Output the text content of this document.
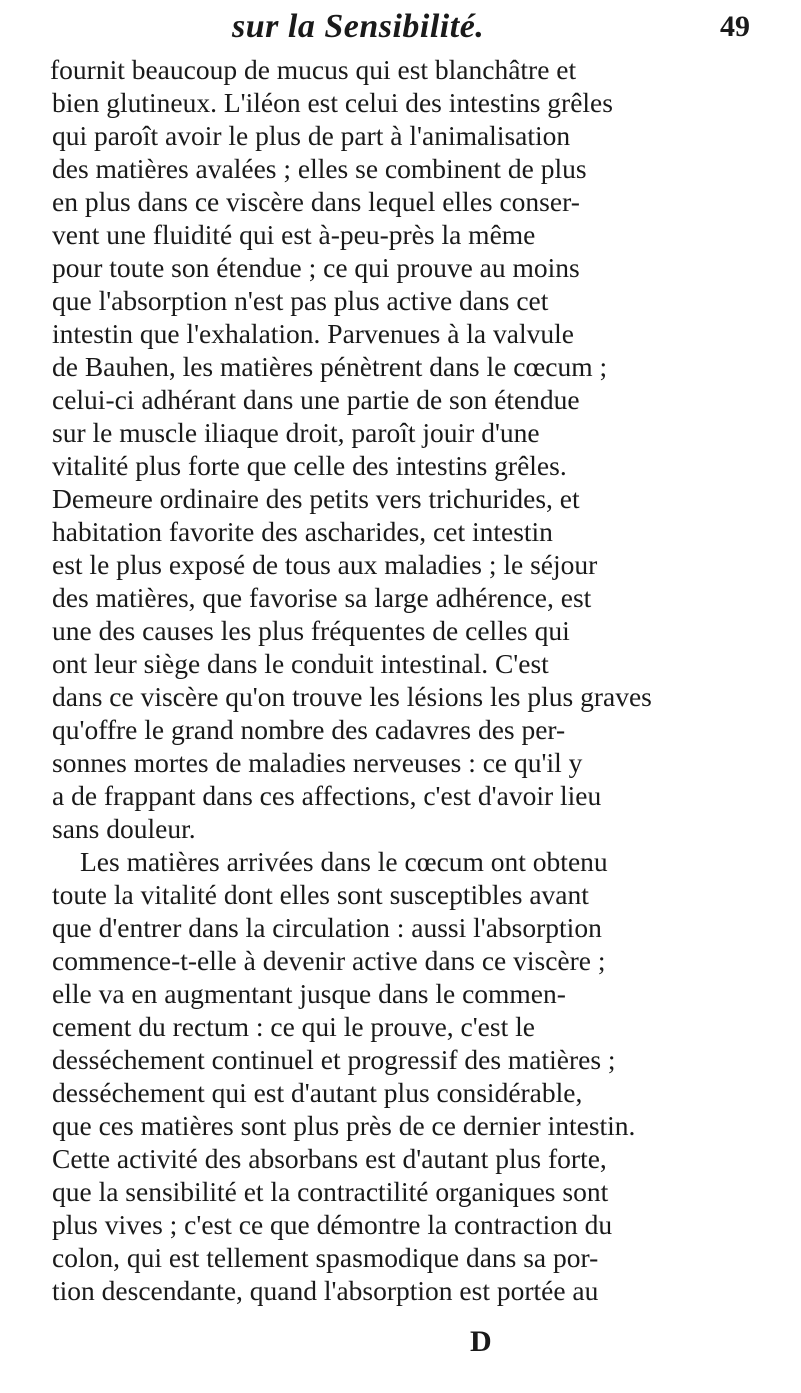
sur la Sensibilité.	49
fournit beaucoup de mucus qui est blanchâtre et
bien glutineux. L'iléon est celui des intestins grêles
qui paroît avoir le plus de part à l'animalisation
des matières avalées ; elles se combinent de plus
en plus dans ce viscère dans lequel elles conser-
vent une fluidité qui est à-peu-près la même
pour toute son étendue ; ce qui prouve au moins
que l'absorption n'est pas plus active dans cet
intestin que l'exhalation. Parvenues à la valvule
de Bauhen, les matières pénètrent dans le cœcum ;
celui-ci adhérant dans une partie de son étendue
sur le muscle iliaque droit, paroît jouir d'une
vitalité plus forte que celle des intestins grêles.
Demeure ordinaire des petits vers trichurides, et
habitation favorite des ascharides, cet intestin
est le plus exposé de tous aux maladies ; le séjour
des matières, que favorise sa large adhérence, est
une des causes les plus fréquentes de celles qui
ont leur siège dans le conduit intestinal. C'est
dans ce viscère qu'on trouve les lésions les plus graves
qu'offre le grand nombre des cadavres des per-
sonnes mortes de maladies nerveuses : ce qu'il y
a de frappant dans ces affections, c'est d'avoir lieu
sans douleur.
Les matières arrivées dans le cœcum ont obtenu
toute la vitalité dont elles sont susceptibles avant
que d'entrer dans la circulation : aussi l'absorption
commence-t-elle à devenir active dans ce viscère ;
elle va en augmentant jusque dans le commen-
cement du rectum : ce qui le prouve, c'est le
desséchement continuel et progressif des matières ;
desséchement qui est d'autant plus considérable,
que ces matières sont plus près de ce dernier intestin.
Cette activité des absorbans est d'autant plus forte,
que la sensibilité et la contractilité organiques sont
plus vives ; c'est ce que démontre la contraction du
colon, qui est tellement spasmodique dans sa por-
tion descendante, quand l'absorption est portée au
D
